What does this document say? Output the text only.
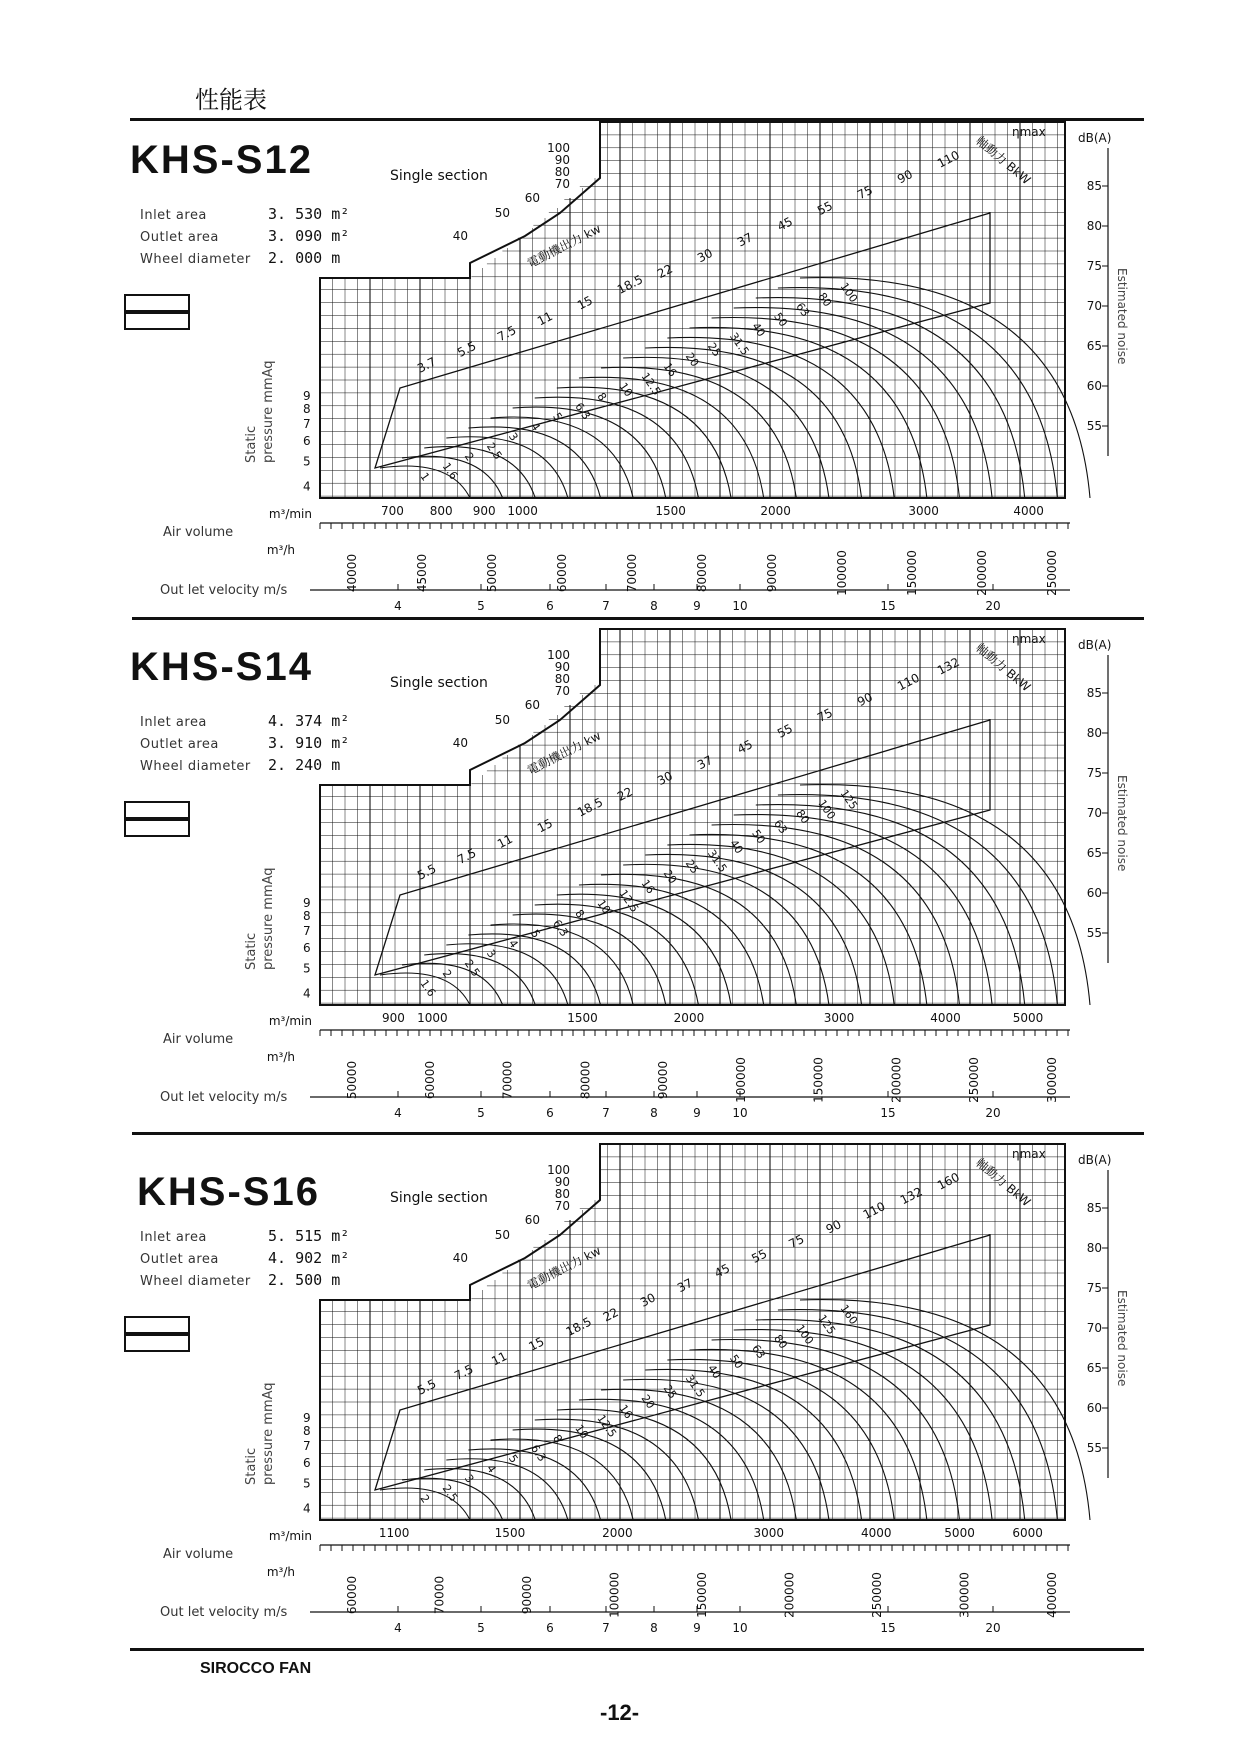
性能表
KHS-S12	Single section
Inlet area	3. 530 m²
Outlet area	3. 090 m²
Wheel diameter 2. 000 m
4
5
6
7
8
9
40
50
60
70
80
90
100
Static pressure mmAq
電動機出力 kw
3.7
5.5
7.5
11
15
18.5
22
30
37
45
55
75
90
110
1 1.6
2 2.5
3
4
5 6.3
8 10 12.5
16
20
25 31.5
40
50
63
80 100
ηmax
軸動力 BkW	dB(A)
85
80
75
70
65
60
55
Estimated noise
m³/min	700 800 900 1000	1500	2000	3000	4000
Air volume
m³/h
40000	45000	50000	60000	70000	80000	90000	100000	150000	200000	250000
Out let velocity m/s
4	5	6	7	8	9	10	15	20
KHS-S14	Single section
Inlet area	4. 374 m²
Outlet area	3. 910 m²
Wheel diameter 2. 240 m
4
5
6
7
8
9
40
50
60
70
80
90
100
Static pressure mmAq
電動機出力 kw
5.5
7.5
11
15
18.5
22
30
37
45
55
75
90
110
132
1.6
2 2.5
3
4
5 6.3
8 10 12.5
16
20
25 31.5
40
50
63
80 100 125
ηmax
軸動力 BkW	dB(A)
85
80
75
70
65
60
55
Estimated noise
m³/min	900 1000	1500	2000	3000	4000	5000
Air volume
m³/h
50000	60000	70000	80000	90000	100000	150000	200000	250000	300000
Out let velocity m/s
4	5	6	7	8	9	10	15	20
KHS-S16	Single section
Inlet area	5. 515 m²
Outlet area	4. 902 m²
Wheel diameter 2. 500 m
4
5
6
7
8
9
40
50
60
70
80
90
100
Static pressure mmAq
電動機出力 kw
5.5
7.5
11
15
18.5 22
30
37
45
55
75
90
110
132
160
2 2.5
3
4
5 6.3
8 10 12.5
16
20
25 31.5
40
50
63
80 100 125 160
ηmax
軸動力 BkW	dB(A)
85
80
75
70
65
60
55
Estimated noise
m³/min	1100	1500	2000	3000	4000	5000	6000
Air volume
m³/h
60000	70000	90000	100000	150000	200000	250000	300000	400000
Out let velocity m/s
4	5	6	7	8	9	10	15	20
SIROCCO FAN
-12-
